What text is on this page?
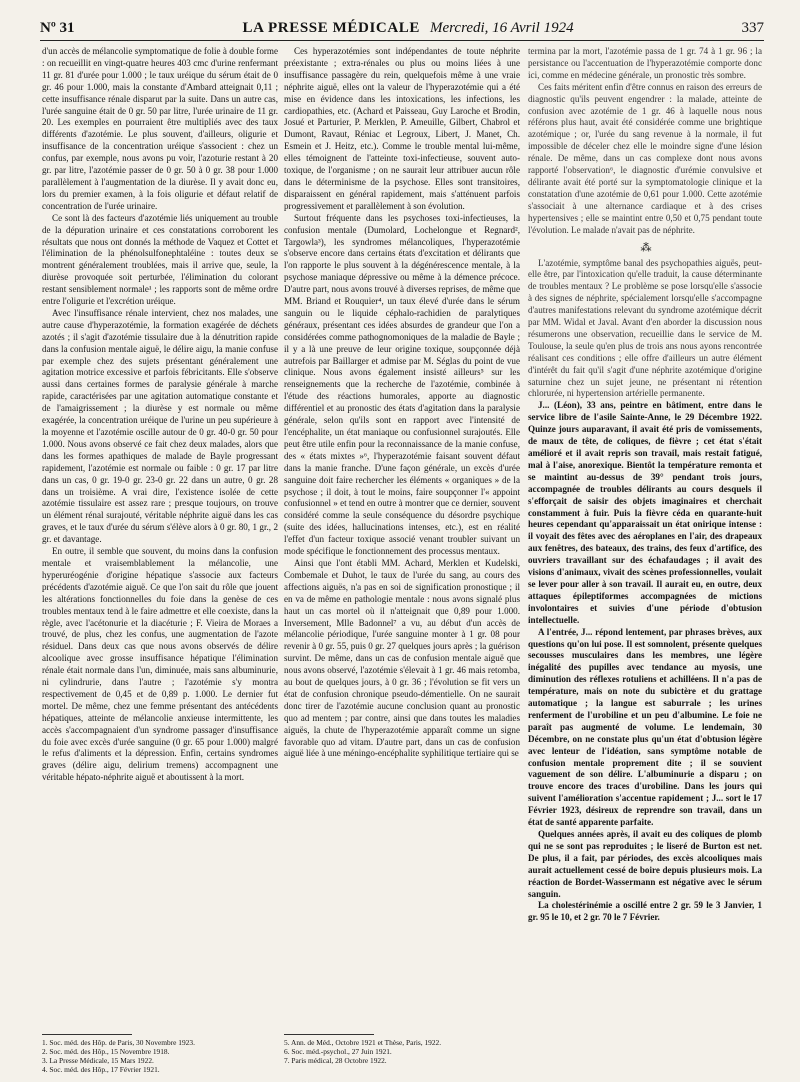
Nº 31	LA PRESSE MÉDICALE Mercredi, 16 Avril 1924	337

d'un accès de mélancolie symptomatique de folie à double forme : on recueillit en vingt-quatre heures 403 cmc d'urine renfermant 11 gr. 81 d'urée pour 1.000 ; le taux uréique du sérum était de 0 gr. 46 pour 1.000, mais la constante d'Ambard atteignait 0,11 ; cette insuffisance rénale disparut par la suite. Dans un autre cas, l'urée sanguine était de 0 gr. 50 par litre, l'urée urinaire de 11 gr. 20. Les exemples en pourraient être multipliés avec des taux différents d'azotémie. Le plus souvent, d'ailleurs, oligurie et insuffisance de la concentration uréique s'associent : chez un confus, par exemple, nous avons pu voir, l'azoturie restant à 20 gr. par litre, l'azotémie passer de 0 gr. 50 à 0 gr. 38 pour 1.000 parallèlement à l'augmentation de la diurèse. Il y avait donc eu, lors du premier examen, à la fois oligurie et défaut relatif de concentration de l'urée urinaire.

Ce sont là des facteurs d'azotémie liés uniquement au trouble de la dépuration urinaire et ces constatations corroborent les résultats que nous ont donnés la méthode de Vaquez et Cottet et l'élimination de la phénolsulfonephtaléine : toutes deux se montrent généralement troublées, mais il arrive que, seule, la diurèse provoquée soit perturbée, l'élimination du colorant restant sensiblement normale¹ ; les rapports sont de même ordre entre l'oligurie et l'excrétion uréique.

Avec l'insuffisance rénale intervient, chez nos malades, une autre cause d'hyperazotémie, la formation exagérée de déchets azotés ; il s'agit d'azotémie tissulaire due à la dénutrition rapide dans la confusion mentale aiguë, le délire aigu, la manie confuse par exemple chez des sujets présentant généralement une agitation motrice excessive et parfois fébricitants. Elle s'observe aussi dans certaines formes de paralysie générale à marche rapide, caractérisées par une agitation automatique constante et de l'amaigrissement ; la diurèse y est normale ou même exagérée, la concentration uréique de l'urine un peu supérieure à la moyenne et l'azotémie oscille autour de 0 gr. 40-0 gr. 50 pour 1.000. Nous avons observé ce fait chez deux malades, alors que dans les formes apathiques de malade de Bayle progressant rapidement, l'azotémie est normale ou faible : 0 gr. 17 par litre dans un cas, 0 gr. 19-0 gr. 23-0 gr. 22 dans un autre, 0 gr. 28 dans un troisième. A vrai dire, l'existence isolée de cette azotémie tissulaire est assez rare ; presque toujours, on trouve un élément rénal surajouté, véritable néphrite aiguë dans les cas graves, et le taux d'urée du sérum s'élève alors à 0 gr. 80, 1 gr., 2 gr. et davantage.

En outre, il semble que souvent, du moins dans la confusion mentale et vraisemblablement la mélancolie, une hyperuréogénie d'origine hépatique s'associe aux facteurs précédents d'azotémie aiguë. Ce que l'on sait du rôle que jouent les altérations fonctionnelles du foie dans la genèse de ces troubles mentaux tend à le faire admettre et elle coexiste, dans la règle, avec l'acétonurie et la diacéturie ; F. Vieira de Moraes a trouvé, de plus, chez les confus, une augmentation de l'azote résiduel. Dans deux cas que nous avons observés de délire alcoolique avec grosse insuffisance hépatique l'élimination rénale était normale dans l'un, diminuée, mais sans albuminurie, ni cylindrurie, dans l'autre ; l'azotémie s'y montra respectivement de 0,45 et de 0,89 p. 1.000. Le dernier fut mortel. De même, chez une femme présentant des antécédents hépatiques, atteinte de mélancolie anxieuse intermittente, les accès s'accompagnaient d'un syndrome passager d'insuffisance du foie avec excès d'urée sanguine (0 gr. 65 pour 1.000) malgré le refus d'aliments et la dépression. Enfin, certains syndromes graves (délire aigu, delirium tremens) accompagnent une véritable hépato-néphrite aiguë et aboutissent à la mort.

Ces hyperazotémies sont indépendantes de toute néphrite préexistante ; extra-rénales ou plus ou moins liées à une insuffisance passagère du rein, quelquefois même à une vraie néphrite aiguë, elles ont la valeur de l'hyperazotémie qui a été mise en évidence dans les intoxications, les infections, les cardiopathies, etc. (Achard et Paisseau, Guy Laroche et Brodin, Josué et Parturier, P. Merklen, P. Ameuille, Gilbert, Chabrol et Dumont, Ravaut, Réniac et Legroux, Libert, J. Manet, Ch. Esmein et J. Heitz, etc.). Comme le trouble mental lui-même, elles témoignent de l'atteinte toxi-infectieuse, souvent auto-toxique, de l'organisme ; on ne saurait leur attribuer aucun rôle dans le déterminisme de la psychose. Elles sont transitoires, disparaissent en général rapidement, mais s'atténuent parfois progressivement et parallèlement à son évolution.

Surtout fréquente dans les psychoses toxi-infectieuses, la confusion mentale (Dumolard, Lochelongue et Regnard², Targowla³), les syndromes mélancoliques, l'hyperazotémie s'observe encore dans certains états d'excitation et délirants que l'on rapporte le plus souvent à la dégénérescence mentale, à la psychose maniaque dépressive ou même à la démence précoce. D'autre part, nous avons trouvé à diverses reprises, de même que MM. Briand et Rouquier⁴, un taux élevé d'urée dans le sérum sanguin ou le liquide céphalo-rachidien de paralytiques généraux, présentant ces idées absurdes de grandeur que l'on a considérées comme pathognomoniques de la maladie de Bayle ; il y a là une preuve de leur origine toxique, soupçonnée déjà autrefois par Baillarger et admise par M. Séglas du point de vue clinique. Nous avons également insisté ailleurs⁵ sur les renseignements que la recherche de l'azotémie, combinée à l'étude des réactions humorales, apporte au diagnostic différentiel et au pronostic des états d'agitation dans la paralysie générale, selon qu'ils sont en rapport avec l'intensité de l'encéphalite, un état maniaque ou confusionnel surajoutés. Elle peut être utile enfin pour la reconnaissance de la manie confuse, des « états mixtes »⁶, l'hyperazotémie faisant souvent défaut dans la manie franche. D'une façon générale, un excès d'urée sanguine doit faire rechercher les éléments « organiques » de la psychose ; il doit, à tout le moins, faire soupçonner l'« appoint confusionnel » et tend en outre à montrer que ce dernier, souvent considéré comme la seule conséquence du désordre psychique (suite des idées, hallucinations intenses, etc.), est en réalité l'effet d'un facteur toxique associé venant troubler suivant un mode spécifique le fonctionnement des processus mentaux.

Ainsi que l'ont établi MM. Achard, Merklen et Kudelski, Combemale et Duhot, le taux de l'urée du sang, au cours des affections aiguës, n'a pas en soi de signification pronostique ; il en va de même en pathologie mentale : nous avons signalé plus haut un cas mortel où il n'atteignait que 0,89 pour 1.000. Inversement, Mlle Badonnel⁷ a vu, au début d'un accès de mélancolie périodique, l'urée sanguine monter à 1 gr. 08 pour revenir à 0 gr. 55, puis 0 gr. 27 quelques jours après ; la guérison survint. De même, dans un cas de confusion mentale aiguë que nous avons observé, l'azotémie s'élevait à 1 gr. 46 mais retomba, au bout de quelques jours, à 0 gr. 36 ; l'évolution se fit vers un état de confusion chronique pseudo-démentielle. On ne saurait donc tirer de l'azotémie aucune conclusion quant au pronostic quo ad mentem ; par contre, ainsi que dans toutes les maladies aiguës, la chute de l'hyperazotémie apparaît comme un signe favorable quo ad vitam. D'autre part, dans un cas de confusion aiguë liée à une méningo-encéphalite syphilitique tertiaire qui se

termina par la mort, l'azotémie passa de 1 gr. 74 à 1 gr. 96 ; la persistance ou l'accentuation de l'hyperazotémie comporte donc ici, comme en médecine générale, un pronostic très sombre.

Ces faits méritent enfin d'être connus en raison des erreurs de diagnostic qu'ils peuvent engendrer : la malade, atteinte de confusion avec azotémie de 1 gr. 46 à laquelle nous nous référons plus haut, avait été considérée comme une brightique azotémique ; or, l'urée du sang revenue à la normale, il fut impossible de déceler chez elle le moindre signe d'une lésion rénale. De même, dans un cas complexe dont nous avons rapporté l'observation⁶, le diagnostic d'urémie convulsive et délirante avait été porté sur la symptomatologie clinique et la constatation d'une azotémie de 0,61 pour 1.000. Cette azotémie s'associait à une alternance cardiaque et à des crises hypertensives ; elle se maintint entre 0,50 et 0,75 pendant toute l'évolution. Le malade n'avait pas de néphrite.

⁂

L'azotémie, symptôme banal des psychopathies aiguës, peut-elle être, par l'intoxication qu'elle traduit, la cause déterminante de troubles mentaux ? Le problème se pose lorsqu'elle s'associe à des signes de néphrite, spécialement lorsqu'elle s'accompagne d'autres manifestations relevant du syndrome azotémique décrit par MM. Widal et Javal. Avant d'en aborder la discussion nous résumerons une observation, recueillie dans le service de M. Toulouse, la seule qu'en plus de trois ans nous ayons rencontrée réalisant ces conditions ; elle offre d'ailleurs un autre élément d'intérêt du fait qu'il s'agit d'une néphrite azotémique d'origine saturnine chez un sujet jeune, ne présentant ni rétention chlorurée, ni hypertension artérielle permanente.

J... (Léon), 33 ans, peintre en bâtiment, entre dans le service libre de l'asile Sainte-Anne, le 29 Décembre 1922. Quinze jours auparavant, il avait été pris de vomissements, de maux de tête, de coliques, de fièvre ; cet état s'était amélioré et il avait repris son travail, mais restait fatigué, mal à l'aise, anorexique. Bientôt la température remonta et se maintint au-dessus de 39° pendant trois jours, accompagnée de troubles délirants au cours desquels il s'efforçait de saisir des objets imaginaires et cherchait constamment à fuir. Puis la fièvre céda en quarante-huit heures cependant qu'apparaissait un état onirique intense : il voyait des fêtes avec des aéroplanes en l'air, des drapeaux aux fenêtres, des bateaux, des trains, des feux d'artifice, des ouvriers travaillant sur des échafaudages ; il avait des visions d'animaux, vivait des scènes professionnelles, voulait se lever pour aller à son travail. Il aurait eu, en outre, deux attaques épileptiformes accompagnées de mictions involontaires et suivies d'une période d'obtusion intellectuelle.

A l'entrée, J... répond lentement, par phrases brèves, aux questions qu'on lui pose. Il est somnolent, présente quelques secousses musculaires dans les membres, une légère inégalité des pupilles avec tendance au myosis, une diminution des réflexes rotuliens et achilléens. Il n'a pas de température, mais on note du subictère et du grattage automatique ; la langue est saburrale ; les urines renferment de l'urobiline et un peu d'albumine. Le foie ne paraît pas augmenté de volume. Le lendemain, 30 Décembre, on ne constate plus qu'un état d'obtusion légère avec lenteur de l'idéation, sans symptôme notable de confusion mentale proprement dite ; il se souvient vaguement de son délire. L'albuminurie a disparu ; on trouve encore des traces d'urobiline. Dans les jours qui suivent l'amélioration s'accentue rapidement ; J... sort le 17 Février 1923, désireux de reprendre son travail, dans un état de santé apparente parfaite.

Quelques années après, il avait eu des coliques de plomb qui ne se sont pas reproduites ; le liseré de Burton est net. De plus, il a fait, par périodes, des excès alcooliques mais aurait actuellement cessé de boire depuis plusieurs mois. La réaction de Bordet-Wassermann est négative avec le sérum sanguin.

La cholestérinémie a oscillé entre 2 gr. 59 le 3 Janvier, 1 gr. 95 le 10, et 2 gr. 70 le 7 Février.

1. Soc. méd. des Hôp. de Paris, 30 Novembre 1923.
2. Soc. méd. des Hôp., 15 Novembre 1918.
3. La Presse Médicale, 15 Mars 1922.
4. Soc. méd. des Hôp., 17 Février 1921.
5. Ann. de Méd., Octobre 1921 et Thèse, Paris, 1922.
6. Soc. méd.-psychol., 27 Juin 1921.
7. Paris médical, 28 Octobre 1922.
